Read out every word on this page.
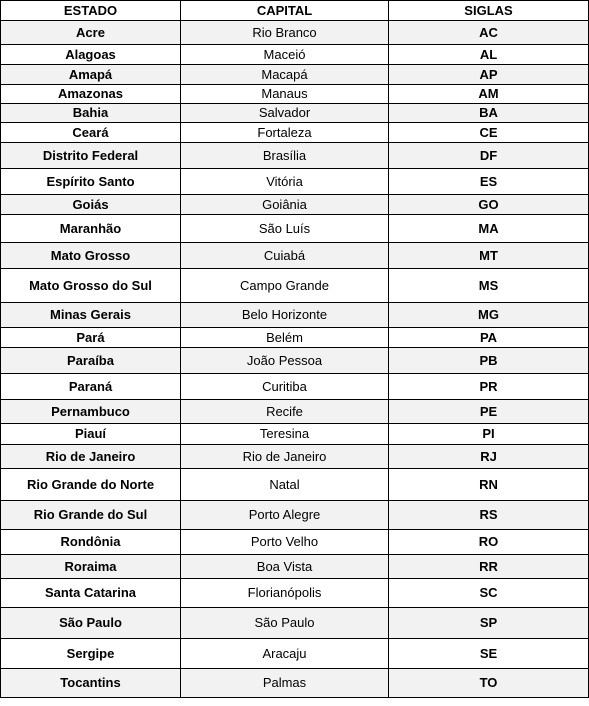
ESTADO	CAPITAL	SIGLAS
Acre	Rio Branco	AC
Alagoas	Maceió	AL
Amapá	Macapá	AP
Amazonas	Manaus	AM
Bahia	Salvador	BA
Ceará	Fortaleza	CE
Distrito Federal	Brasília	DF
Espírito Santo	Vitória	ES
Goiás	Goiânia	GO
Maranhão	São Luís	MA
Mato Grosso	Cuiabá	MT
Mato Grosso do Sul	Campo Grande	MS
Minas Gerais	Belo Horizonte	MG
Pará	Belém	PA
Paraíba	João Pessoa	PB
Paraná	Curitiba	PR
Pernambuco	Recife	PE
Piauí	Teresina	PI
Rio de Janeiro	Rio de Janeiro	RJ
Rio Grande do Norte	Natal	RN
Rio Grande do Sul	Porto Alegre	RS
Rondônia	Porto Velho	RO
Roraima	Boa Vista	RR
Santa Catarina	Florianópolis	SC
São Paulo	São Paulo	SP
Sergipe	Aracaju	SE
Tocantins	Palmas	TO
